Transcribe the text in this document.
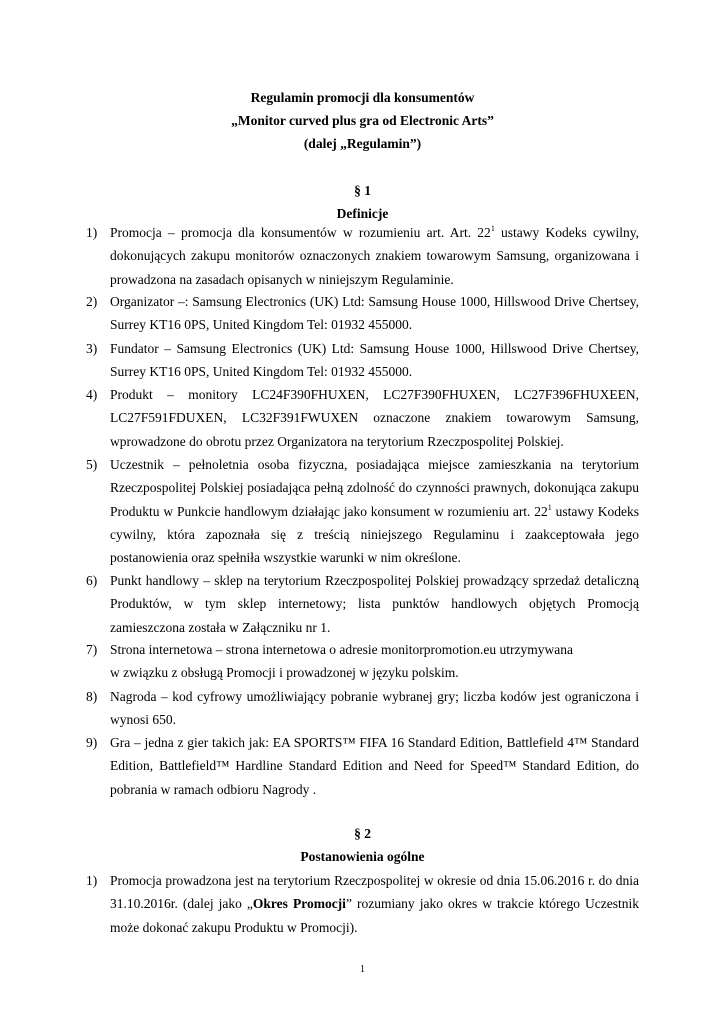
Regulamin promocji dla konsumentów
„Monitor curved plus gra od Electronic Arts”
(dalej „Regulamin”)
§ 1
Definicje
1) Promocja – promocja dla konsumentów w rozumieniu art. Art. $22^1$ ustawy Kodeks cywilny, dokonujących zakupu monitorów oznaczonych znakiem towarowym Samsung, organizowana i prowadzona na zasadach opisanych w niniejszym Regulaminie.
2) Organizator –: Samsung Electronics (UK) Ltd: Samsung House 1000, Hillswood Drive Chertsey, Surrey KT16 0PS, United Kingdom Tel: 01932 455000.
3) Fundator – Samsung Electronics (UK) Ltd: Samsung House 1000, Hillswood Drive Chertsey, Surrey KT16 0PS, United Kingdom Tel: 01932 455000.
4) Produkt – monitory LC24F390FHUXEN, LC27F390FHUXEN, LC27F396FHUXEEN, LC27F591FDUXEN, LC32F391FWUXEN oznaczone znakiem towarowym Samsung, wprowadzone do obrotu przez Organizatora na terytorium Rzeczpospolitej Polskiej.
5) Uczestnik – pełnoletnia osoba fizyczna, posiadająca miejsce zamieszkania na terytorium Rzeczpospolitej Polskiej posiadająca pełną zdolność do czynności prawnych, dokonująca zakupu Produktu w Punkcie handlowym działając jako konsument w rozumieniu art. $22^1$ ustawy Kodeks cywilny, która zapoznała się z treścią niniejszego Regulaminu i zaakceptowała jego postanowienia oraz spełniła wszystkie warunki w nim określone.
6) Punkt handlowy – sklep na terytorium Rzeczpospolitej Polskiej prowadzący sprzedaż detaliczną Produktów, w tym sklep internetowy; lista punktów handlowych objętych Promocją zamieszczona została w Załączniku nr 1.
7) Strona internetowa – strona internetowa o adresie monitorpromotion.eu utrzymywana
w związku z obsługą Promocji i prowadzonej w języku polskim.
8) Nagroda – kod cyfrowy umożliwiający pobranie wybranej gry; liczba kodów jest ograniczona i wynosi 650.
9) Gra – jedna z gier takich jak: EA SPORTS™ FIFA 16 Standard Edition, Battlefield 4™ Standard Edition, Battlefield™ Hardline Standard Edition and Need for Speed™ Standard Edition, do pobrania w ramach odbioru Nagrody .
§ 2
Postanowienia ogólne
1) Promocja prowadzona jest na terytorium Rzeczpospolitej w okresie od dnia 15.06.2016 r. do dnia
31.10.2016r. (dalej jako „Okres Promocji” rozumiany jako okres w trakcie którego Uczestnik
może dokonać zakupu Produktu w Promocji).
1
